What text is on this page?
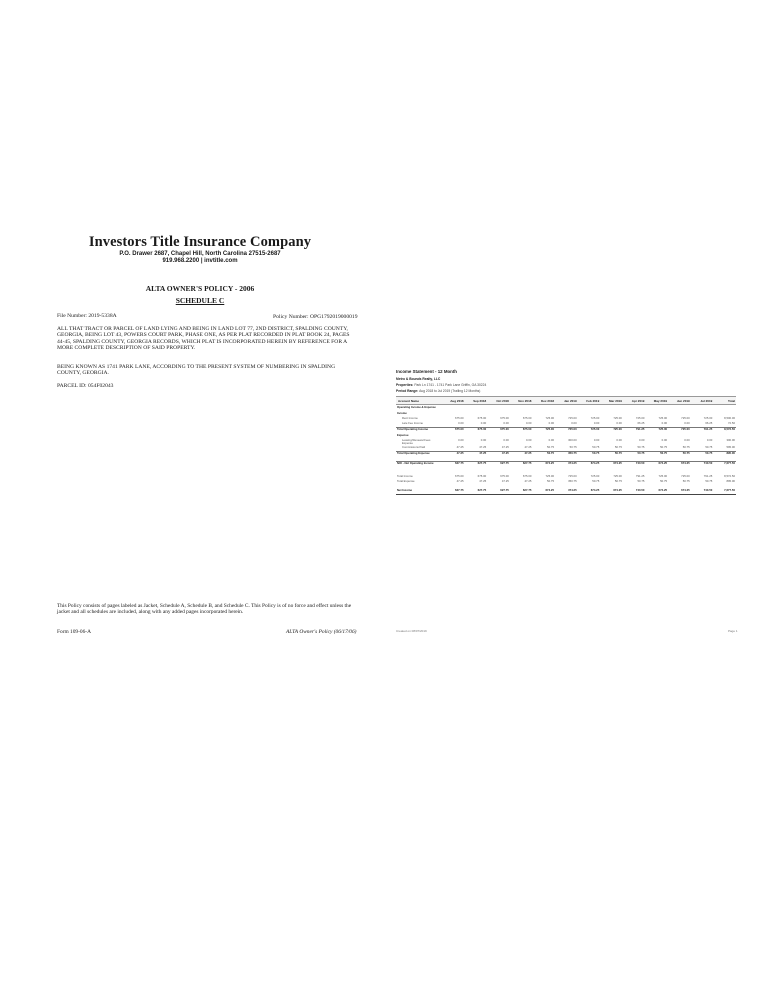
Investors Title Insurance Company
P.O. Drawer 2687, Chapel Hill, North Carolina 27515-2687
919.968.2200 | invtitle.com
ALTA OWNER'S POLICY - 2006
SCHEDULE C
File Number: 2019-5338A	Policy Number: OPG1792019000019
ALL THAT TRACT OR PARCEL OF LAND LYING AND BEING IN LAND LOT 77, 2ND DISTRICT, SPALDING COUNTY, GEORGIA, BEING LOT 43, POWERS COURT PARK, PHASE ONE, AS PER PLAT RECORDED IN PLAT BOOK 24, PAGES 44-45, SPALDING COUNTY, GEORGIA RECORDS, WHICH PLAT IS INCORPORATED HEREIN BY REFERENCE FOR A MORE COMPLETE DESCRIPTION OF SAID PROPERTY.
BEING KNOWN AS 1741 PARK LANE, ACCORDING TO THE PRESENT SYSTEM OF NUMBERING IN SPALDING COUNTY, GEORGIA.
PARCEL ID: 054F02043
This Policy consists of pages labeled as Jacket, Schedule A, Schedule B, and Schedule C. This Policy is of no force and effect unless the jacket and all schedules are included, along with any added pages incorporated herein.
Form 109-06-A	ALTA Owner's Policy (06/17/06)
Income Statement - 12 Month
Metro & Bounds Realty, LLC
Properties: Park Ln 1741 - 1741 Park Lane Griffin, GA 30224
Period Range: Aug 2018 to Jul 2019 (Trailing 12 Months)
Account Name	Aug 2018	Sep 2018	Oct 2018	Nov 2018	Dec 2018	Jan 2019	Feb 2019	Mar 2019	Apr 2019	May 2019	Jun 2019	Jul 2019	Total
Operating Income & Expense													
Income													
Rent Income	675.00	675.00	675.00	675.00	725.00	725.00	725.00	725.00	725.00	725.00	725.00	725.00	8,500.00
Late Fee Income	0.00	0.00	0.00	0.00	0.00	0.00	0.00	0.00	66.25	0.00	0.00	66.25	72.50
Total Operating Income	675.00	675.00	675.00	675.00	725.00	725.00	725.00	725.00	791.25	725.00	725.00	791.25	8,572.50
Expense													
Leasing/Renewal Fees Expense	0.00	0.00	0.00	0.00	0.00	300.00	0.00	0.00	0.00	0.00	0.00	0.00	300.00
Commissions Paid	47.25	47.25	47.25	47.25	50.75	50.75	50.75	50.75	50.75	50.75	50.75	50.75	595.00
Total Operating Expense	47.25	47.25	47.25	47.25	50.75	350.75	50.75	50.75	50.75	50.75	50.75	50.75	895.00

NOI - Net Operating Income	627.75	627.75	627.75	627.75	674.25	374.25	674.25	674.25	740.50	674.25	674.25	740.50	7,677.50

Total Income	675.00	675.00	675.00	675.00	725.00	725.00	725.00	725.00	791.25	725.00	725.00	791.25	8,572.50
Total Expense	47.25	47.25	47.25	47.25	50.75	350.75	50.75	50.75	50.75	50.75	50.75	50.75	895.00

Net Income	627.75	627.75	627.75	627.75	674.25	374.25	674.25	674.25	740.50	674.25	674.25	740.50	7,677.50
Created on 08/07/2019	Page 1
